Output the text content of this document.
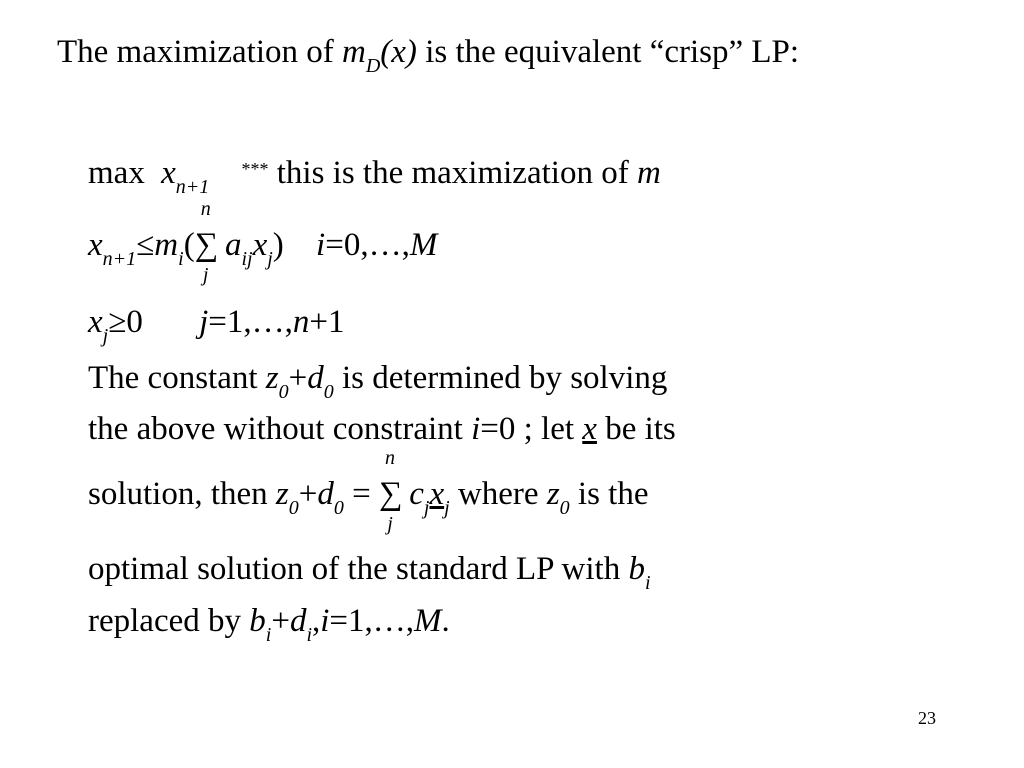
The maximization of $m_D(x)$ is the equivalent “crisp” LP:
$\max x_{n+1}$ *** this is the maximization of m
$x_{n+1}\le m_i(\sum$
n
j
$a_{ij}x_j$) i=0,…,M
$x_j\ge 0$ j=1,…,n+1
The constant $z_0+d_0$ is determined by solving
the above without constraint i=0 ; let x be its
solution, then $z_0+d_0$ = ∑
n
j
$c_jx_j$ where $z_0$ is the
optimal solution of the standard LP with $b_i$
replaced by $b_i+d_i,i=1,\dots,M$.
23
